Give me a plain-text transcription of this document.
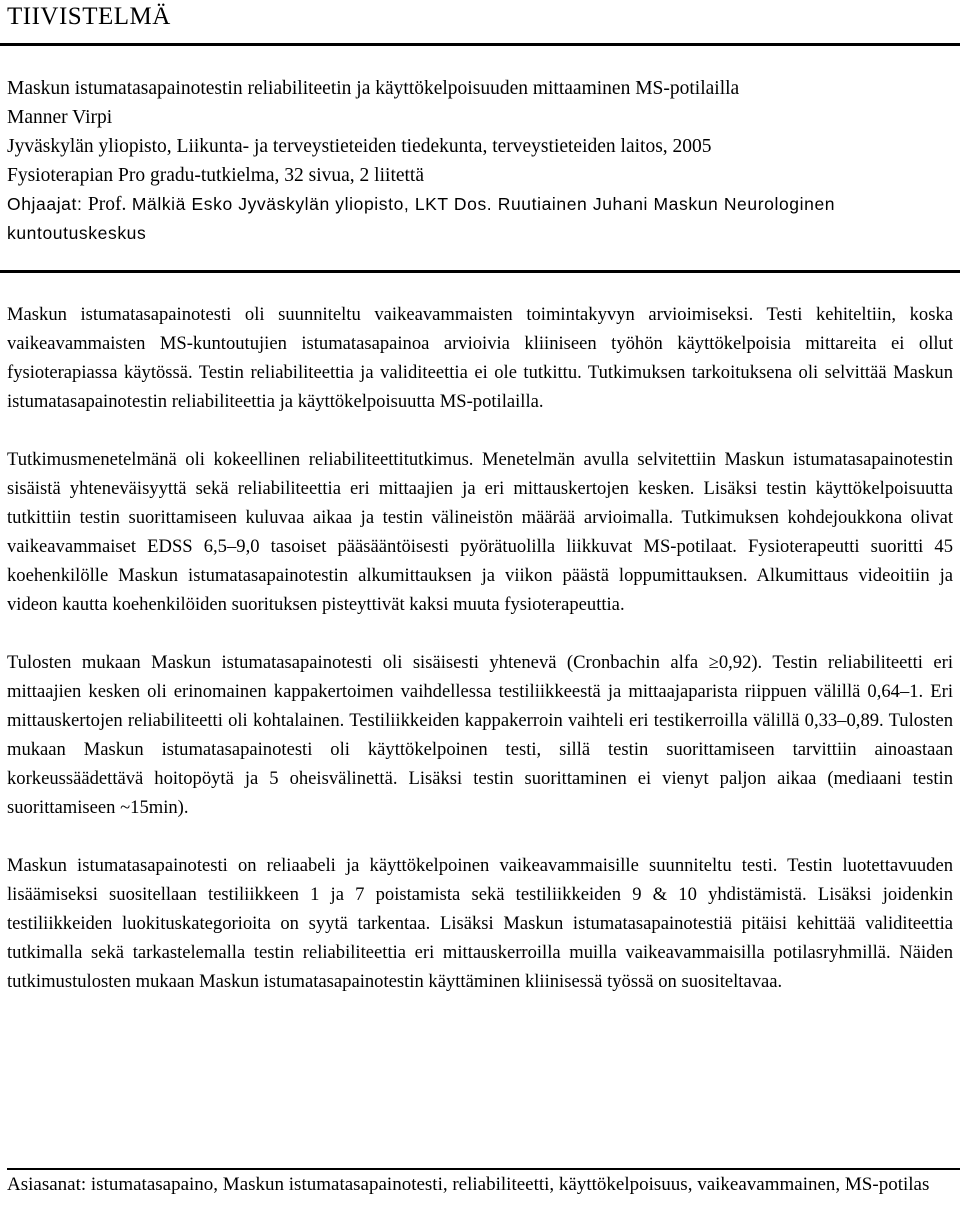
TIIVISTELMÄ
Maskun istumatasapainotestin reliabiliteetin ja käyttökelpoisuuden mittaaminen MS-potilailla
Manner Virpi
Jyväskylän yliopisto, Liikunta- ja terveystieteiden tiedekunta, terveystieteiden laitos, 2005
Fysioterapian Pro gradu-tutkielma, 32 sivua, 2 liitettä
Ohjaajat: Prof. Mälkiä Esko Jyväskylän yliopisto, LKT Dos. Ruutiainen Juhani Maskun Neurologinen kuntoutuskeskus

Maskun istumatasapainotesti oli suunniteltu vaikeavammaisten toimintakyvyn arvioimiseksi. Testi kehiteltiin, koska vaikeavammaisten MS-kuntoutujien istumatasapainoa arvioivia kliiniseen työhön käyttökelpoisia mittareita ei ollut fysioterapiassa käytössä. Testin reliabiliteettia ja validiteettia ei ole tutkittu. Tutkimuksen tarkoituksena oli selvittää Maskun istumatasapainotestin reliabiliteettia ja käyttökelpoisuutta MS-potilailla.

Tutkimusmenetelmänä oli kokeellinen reliabiliteettitutkimus. Menetelmän avulla selvitettiin Maskun istumatasapainotestin sisäistä yhteneväisyyttä sekä reliabiliteettia eri mittaajien ja eri mittauskertojen kesken. Lisäksi testin käyttökelpoisuutta tutkittiin testin suorittamiseen kuluvaa aikaa ja testin välineistön määrää arvioimalla. Tutkimuksen kohdejoukkona olivat vaikeavammaiset EDSS 6,5–9,0 tasoiset pääsääntöisesti pyörätuolilla liikkuvat MS-potilaat. Fysioterapeutti suoritti 45 koehenkilölle Maskun istumatasapainotestin alkumittauksen ja viikon päästä loppumittauksen. Alkumittaus videoitiin ja videon kautta koehenkilöiden suorituksen pisteyttivät kaksi muuta fysioterapeuttia.

Tulosten mukaan Maskun istumatasapainotesti oli sisäisesti yhtenevä (Cronbachin alfa ≥0,92). Testin reliabiliteetti eri mittaajien kesken oli erinomainen kappakertoimen vaihdellessa testiliikkeestä ja mittaajaparista riippuen välillä 0,64–1. Eri mittauskertojen reliabiliteetti oli kohtalainen. Testiliikkeiden kappakerroin vaihteli eri testikerroilla välillä 0,33–0,89. Tulosten mukaan Maskun istumatasapainotesti oli käyttökelpoinen testi, sillä testin suorittamiseen tarvittiin ainoastaan korkeussäädettävä hoitopöytä ja 5 oheisvälinettä. Lisäksi testin suorittaminen ei vienyt paljon aikaa (mediaani testin suorittamiseen ~15min).

Maskun istumatasapainotesti on reliaabeli ja käyttökelpoinen vaikeavammaisille suunniteltu testi. Testin luotettavuuden lisäämiseksi suositellaan testiliikkeen 1 ja 7 poistamista sekä testiliikkeiden 9 & 10 yhdistämistä. Lisäksi joidenkin testiliikkeiden luokituskategorioita on syytä tarkentaa. Lisäksi Maskun istumatasapainotestiä pitäisi kehittää validiteettia tutkimalla sekä tarkastelemalla testin reliabiliteettia eri mittauskerroilla muilla vaikeavammaisilla potilasryhmillä. Näiden tutkimustulosten mukaan Maskun istumatasapainotestin käyttäminen kliinisessä työssä on suositeltavaa.

Asiasanat: istumatasapaino, Maskun istumatasapainotesti, reliabiliteetti, käyttökelpoisuus, vaikeavammainen, MS-potilas
